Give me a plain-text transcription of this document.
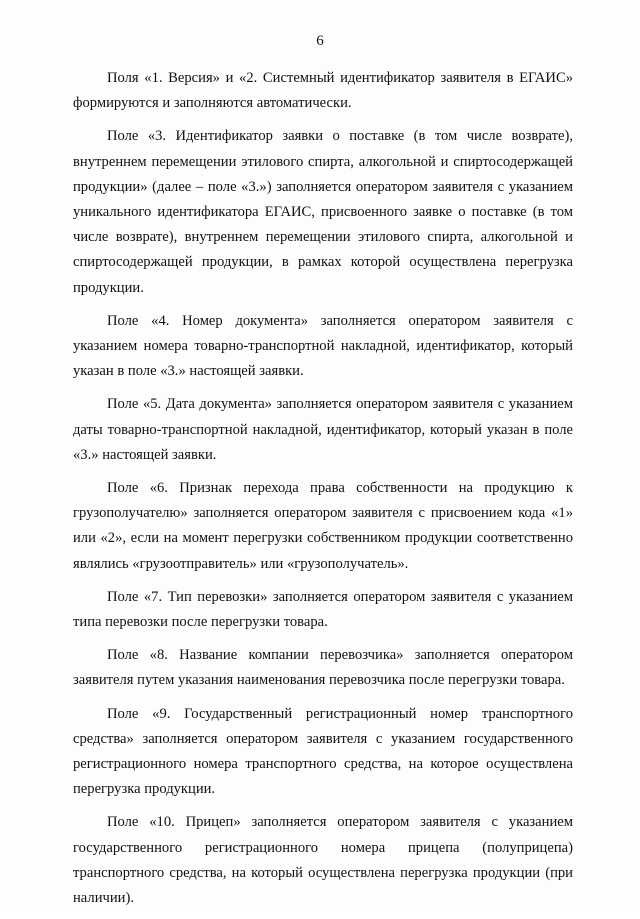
6

Поля «1. Версия» и «2. Системный идентификатор заявителя в ЕГАИС» формируются и заполняются автоматически.

Поле «3. Идентификатор заявки о поставке (в том числе возврате), внутреннем перемещении этилового спирта, алкогольной и спиртосодержащей продукции» (далее – поле «3.») заполняется оператором заявителя с указанием уникального идентификатора ЕГАИС, присвоенного заявке о поставке (в том числе возврате), внутреннем перемещении этилового спирта, алкогольной и спиртосодержащей продукции, в рамках которой осуществлена перегрузка продукции.

Поле «4. Номер документа» заполняется оператором заявителя с указанием номера товарно-транспортной накладной, идентификатор, который указан в поле «3.» настоящей заявки.

Поле «5. Дата документа» заполняется оператором заявителя с указанием даты товарно-транспортной накладной, идентификатор, который указан в поле «3.» настоящей заявки.

Поле «6. Признак перехода права собственности на продукцию к грузополучателю» заполняется оператором заявителя с присвоением кода «1» или «2», если на момент перегрузки собственником продукции соответственно являлись «грузоотправитель» или «грузополучатель».

Поле «7. Тип перевозки» заполняется оператором заявителя с указанием типа перевозки после перегрузки товара.

Поле «8. Название компании перевозчика» заполняется оператором заявителя путем указания наименования перевозчика после перегрузки товара.

Поле «9. Государственный регистрационный номер транспортного средства» заполняется оператором заявителя с указанием государственного регистрационного номера транспортного средства, на которое осуществлена перегрузка продукции.

Поле «10. Прицеп» заполняется оператором заявителя с указанием государственного регистрационного номера прицепа (полуприцепа) транспортного средства, на который осуществлена перегрузка продукции (при наличии).
